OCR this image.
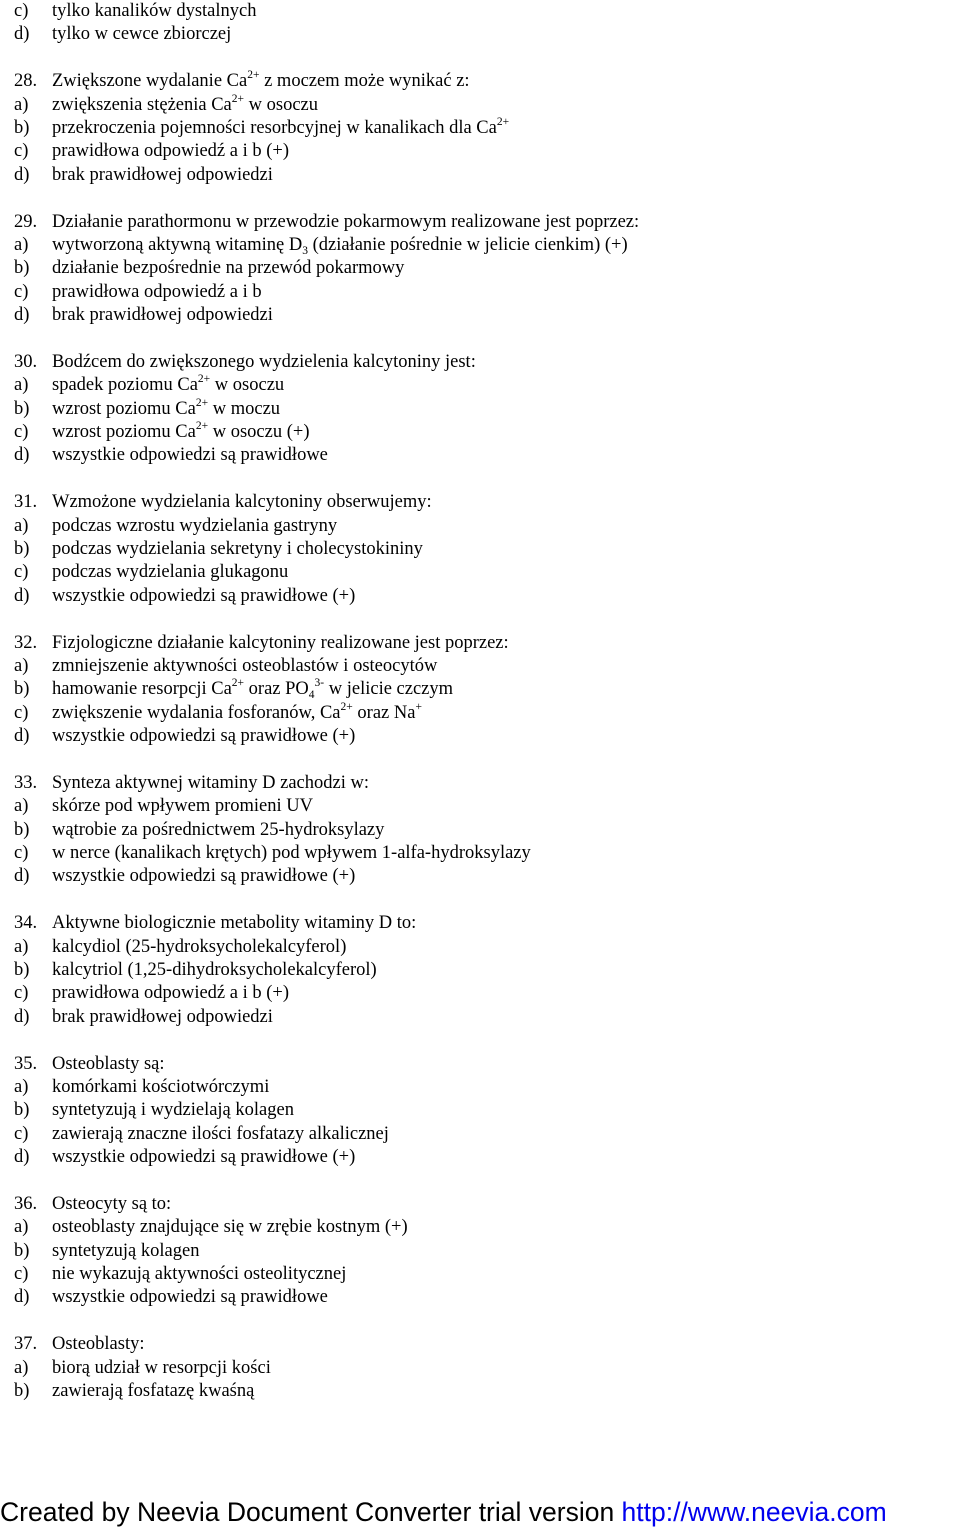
c) tylko kanalików dystalnych
d) tylko w cewce zbiorczej
28. Zwiększone wydalanie $Ca^{2+}$ z moczem może wynikać z:
a) zwiększenia stężenia $Ca^{2+}$ w osoczu
b) przekroczenia pojemności resorbcyjnej w kanalikach dla $Ca^{2+}$
c) prawidłowa odpowiedź a i b (+)
d) brak prawidłowej odpowiedzi
29. Działanie parathormonu w przewodzie pokarmowym realizowane jest poprzez:
a) wytworzoną aktywną witaminę $D_3$ (działanie pośrednie w jelicie cienkim) (+)
b) działanie bezpośrednie na przewód pokarmowy
c) prawidłowa odpowiedź a i b
d) brak prawidłowej odpowiedzi
30. Bodźcem do zwiększonego wydzielenia kalcytoniny jest:
a) spadek poziomu $Ca^{2+}$ w osoczu
b) wzrost poziomu $Ca^{2+}$ w moczu
c) wzrost poziomu $Ca^{2+}$ w osoczu (+)
d) wszystkie odpowiedzi są prawidłowe
31. Wzmożone wydzielania kalcytoniny obserwujemy:
a) podczas wzrostu wydzielania gastryny
b) podczas wydzielania sekretyny i cholecystokininy
c) podczas wydzielania glukagonu
d) wszystkie odpowiedzi są prawidłowe (+)
32. Fizjologiczne działanie kalcytoniny realizowane jest poprzez:
a) zmniejszenie aktywności osteoblastów i osteocytów
b) hamowanie resorpcji $Ca^{2+}$ oraz $PO_4^{3-}$ w jelicie czczym
c) zwiększenie wydalania fosforanów, $Ca^{2+}$ oraz Na+
d) wszystkie odpowiedzi są prawidłowe (+)
33. Synteza aktywnej witaminy D zachodzi w:
a) skórze pod wpływem promieni UV
b) wątrobie za pośrednictwem 25-hydroksylazy
c) w nerce (kanalikach krętych) pod wpływem 1-alfa-hydroksylazy
d) wszystkie odpowiedzi są prawidłowe (+)
34. Aktywne biologicznie metabolity witaminy D to:
a) kalcydiol (25-hydroksycholekalcyferol)
b) kalcytriol (1,25-dihydroksycholekalcyferol)
c) prawidłowa odpowiedź a i b (+)
d) brak prawidłowej odpowiedzi
35. Osteoblasty są:
a) komórkami kościotwórczymi
b) syntetyzują i wydzielają kolagen
c) zawierają znaczne ilości fosfatazy alkalicznej
d) wszystkie odpowiedzi są prawidłowe (+)
36. Osteocyty są to:
a) osteoblasty znajdujące się w zrębie kostnym (+)
b) syntetyzują kolagen
c) nie wykazują aktywności osteolitycznej
d) wszystkie odpowiedzi są prawidłowe
37. Osteoblasty:
a) biorą udział w resorpcji kości
b) zawierają fosfatazę kwaśną
Created by Neevia Document Converter trial version http://www.neevia.com
